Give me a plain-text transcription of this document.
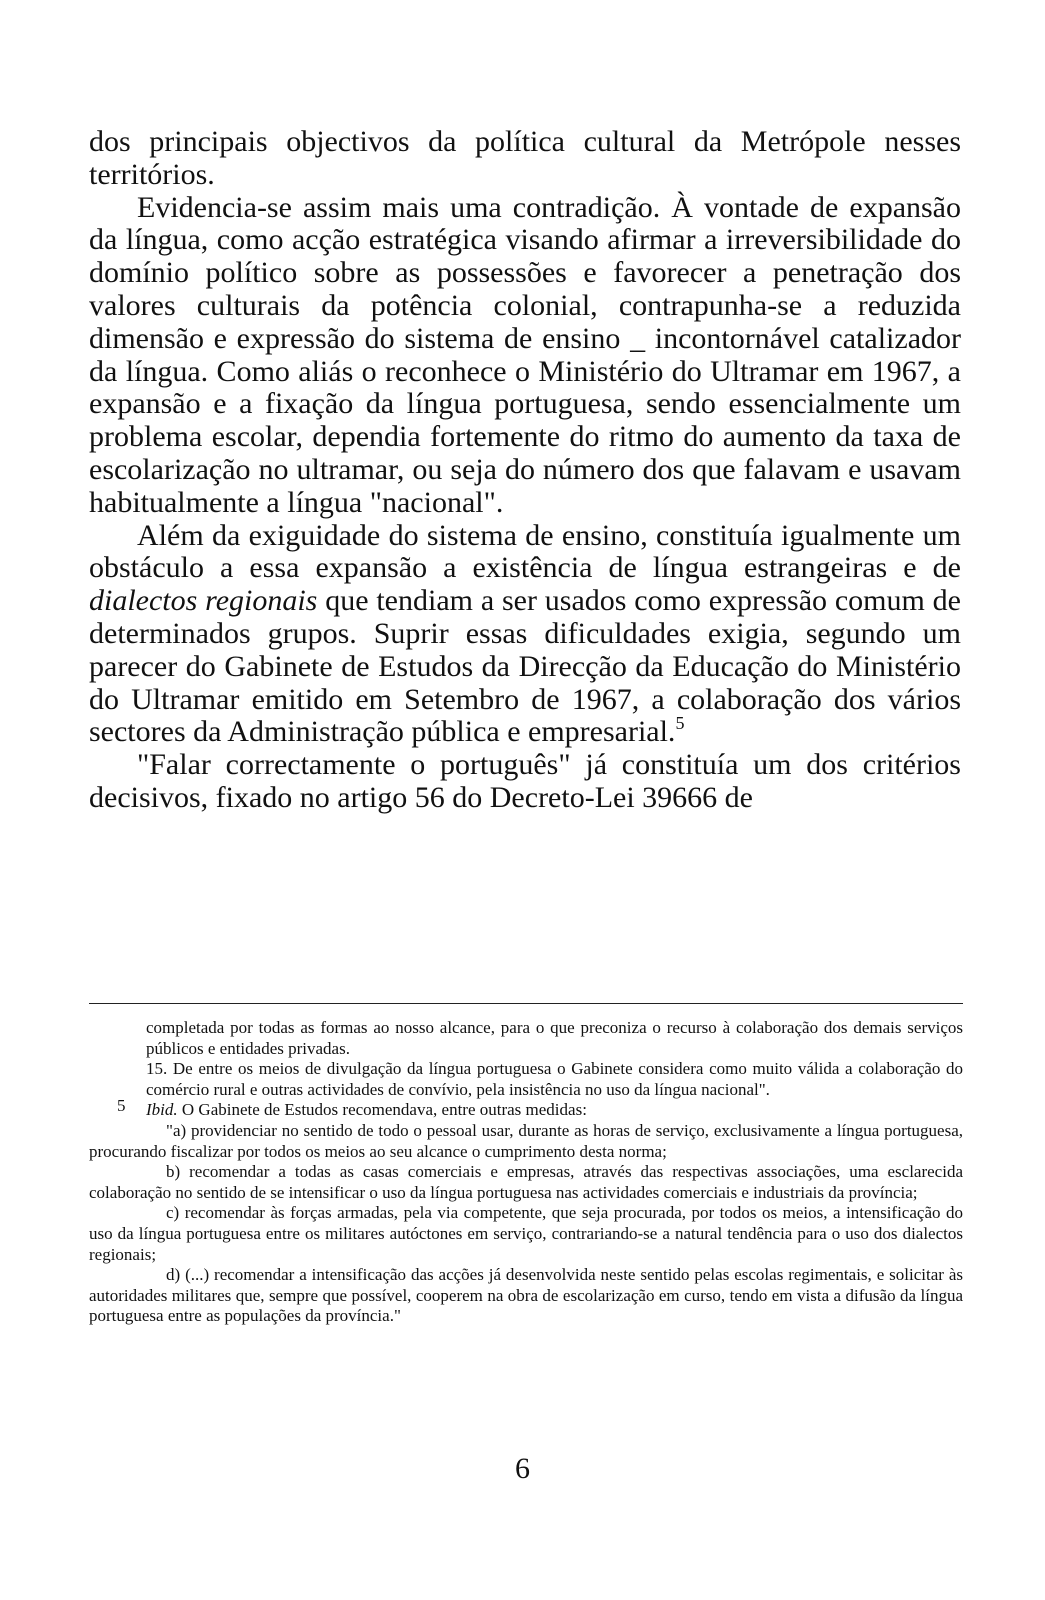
dos principais objectivos da política cultural da Metrópole nesses territórios.

Evidencia-se assim mais uma contradição. À vontade de expansão da língua, como acção estratégica visando afirmar a irreversibilidade do domínio político sobre as possessões e favorecer a penetração dos valores culturais da potência colonial, contrapunha-se a reduzida dimensão e expressão do sistema de ensino _ incontornável catalizador da língua. Como aliás o reconhece o Ministério do Ultramar em 1967, a expansão e a fixação da língua portuguesa, sendo essencialmente um problema escolar, dependia fortemente do ritmo do aumento da taxa de escolarização no ultramar, ou seja do número dos que falavam e usavam habitualmente a língua "nacional".

Além da exiguidade do sistema de ensino, constituía igualmente um obstáculo a essa expansão a existência de língua estrangeiras e de dialectos regionais que tendiam a ser usados como expressão comum de determinados grupos. Suprir essas dificuldades exigia, segundo um parecer do Gabinete de Estudos da Direcção da Educação do Ministério do Ultramar emitido em Setembro de 1967, a colaboração dos vários sectores da Administração pública e empresarial.$^5$

"Falar correctamente o português" já constituía um dos critérios decisivos, fixado no artigo 56 do Decreto-Lei 39666 de

completada por todas as formas ao nosso alcance, para o que preconiza o recurso à colaboração dos demais serviços públicos e entidades privadas.

15. De entre os meios de divulgação da língua portuguesa o Gabinete considera como muito válida a colaboração do comércio rural e outras actividades de convívio, pela insistência no uso da língua nacional".

5 Ibid. O Gabinete de Estudos recomendava, entre outras medidas:

"a) providenciar no sentido de todo o pessoal usar, durante as horas de serviço, exclusivamente a língua portuguesa, procurando fiscalizar por todos os meios ao seu alcance o cumprimento desta norma;

b) recomendar a todas as casas comerciais e empresas, através das respectivas associações, uma esclarecida colaboração no sentido de se intensificar o uso da língua portuguesa nas actividades comerciais e industriais da província;

c) recomendar às forças armadas, pela via competente, que seja procurada, por todos os meios, a intensificação do uso da língua portuguesa entre os militares autóctones em serviço, contrariando-se a natural tendência para o uso dos dialectos regionais;

d) (...) recomendar a intensificação das acções já desenvolvida neste sentido pelas escolas regimentais, e solicitar às autoridades militares que, sempre que possível, cooperem na obra de escolarização em curso, tendo em vista a difusão da língua portuguesa entre as populações da província."

6
